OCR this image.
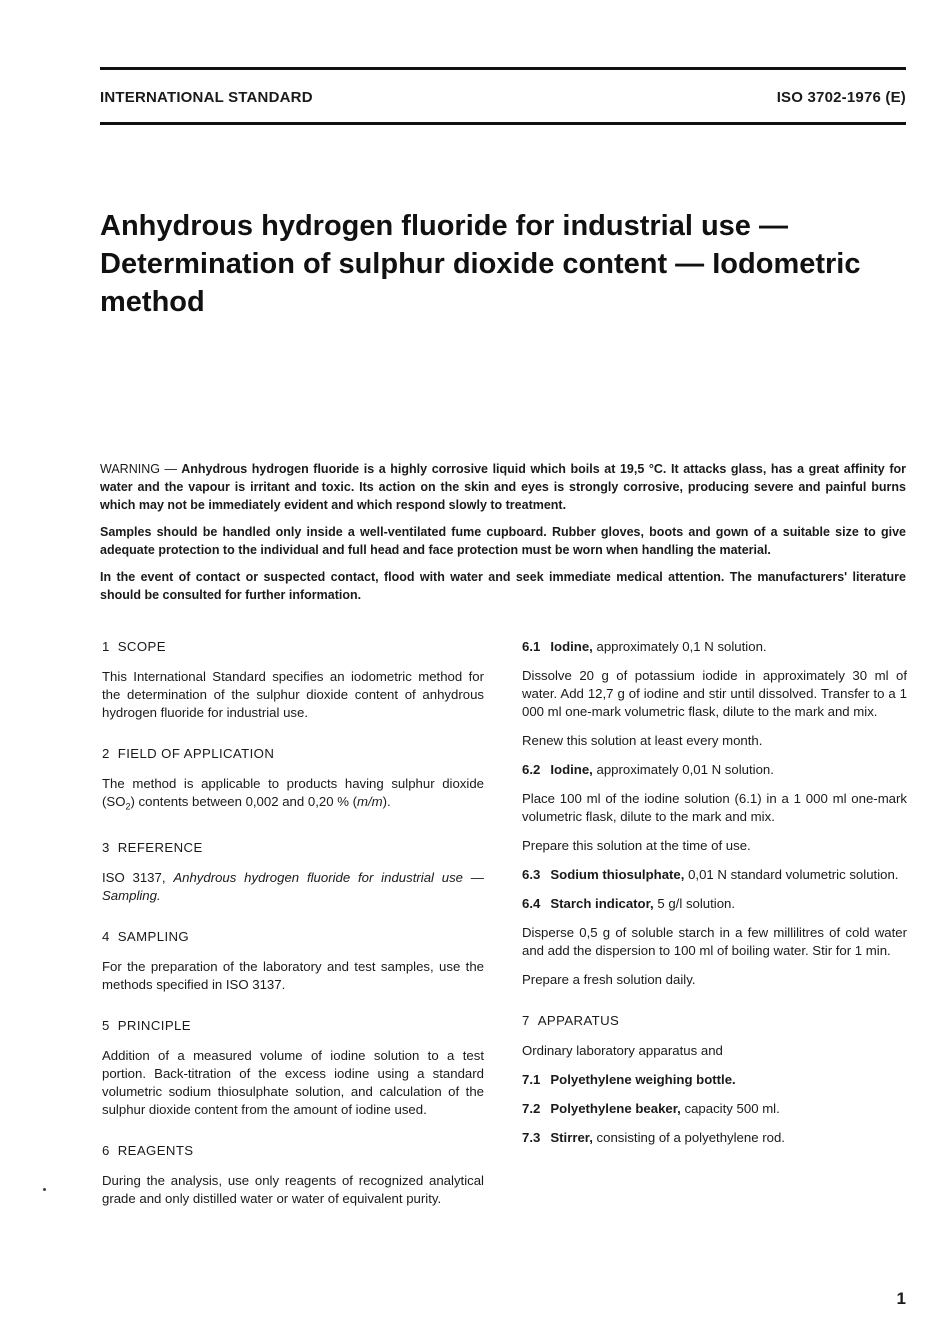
INTERNATIONAL STANDARD	ISO 3702-1976 (E)
Anhydrous hydrogen fluoride for industrial use —
Determination of sulphur dioxide content — Iodometric
method

WARNING — Anhydrous hydrogen fluoride is a highly corrosive liquid which boils at 19,5 °C. It attacks glass, has a great affinity for water and the vapour is irritant and toxic. Its action on the skin and eyes is strongly corrosive, producing severe and painful burns which may not be immediately evident and which respond slowly to treatment.

Samples should be handled only inside a well-ventilated fume cupboard. Rubber gloves, boots and gown of a suitable size to give adequate protection to the individual and full head and face protection must be worn when handling the material.

In the event of contact or suspected contact, flood with water and seek immediate medical attention. The manufacturers' literature should be consulted for further information.

1 SCOPE
This International Standard specifies an iodometric method for the determination of the sulphur dioxide content of anhydrous hydrogen fluoride for industrial use.
2 FIELD OF APPLICATION
The method is applicable to products having sulphur dioxide $(SO_2)$ contents between 0,002 and 0,20 % (m/m).
3 REFERENCE
ISO 3137, Anhydrous hydrogen fluoride for industrial use — Sampling.
4 SAMPLING
For the preparation of the laboratory and test samples, use the methods specified in ISO 3137.
5 PRINCIPLE
Addition of a measured volume of iodine solution to a test portion. Back-titration of the excess iodine using a standard volumetric sodium thiosulphate solution, and calculation of the sulphur dioxide content from the amount of iodine used.
6 REAGENTS
During the analysis, use only reagents of recognized analytical grade and only distilled water or water of equivalent purity.
6.1 Iodine, approximately 0,1 N solution.
Dissolve 20 g of potassium iodide in approximately 30 ml of water. Add 12,7 g of iodine and stir until dissolved. Transfer to a 1 000 ml one-mark volumetric flask, dilute to the mark and mix.
Renew this solution at least every month.
6.2 Iodine, approximately 0,01 N solution.
Place 100 ml of the iodine solution (6.1) in a 1 000 ml one-mark volumetric flask, dilute to the mark and mix.
Prepare this solution at the time of use.
6.3 Sodium thiosulphate, 0,01 N standard volumetric solution.
6.4 Starch indicator, 5 g/l solution.
Disperse 0,5 g of soluble starch in a few millilitres of cold water and add the dispersion to 100 ml of boiling water. Stir for 1 min.
Prepare a fresh solution daily.
7 APPARATUS
Ordinary laboratory apparatus and
7.1 Polyethylene weighing bottle.
7.2 Polyethylene beaker, capacity 500 ml.
7.3 Stirrer, consisting of a polyethylene rod.
1
